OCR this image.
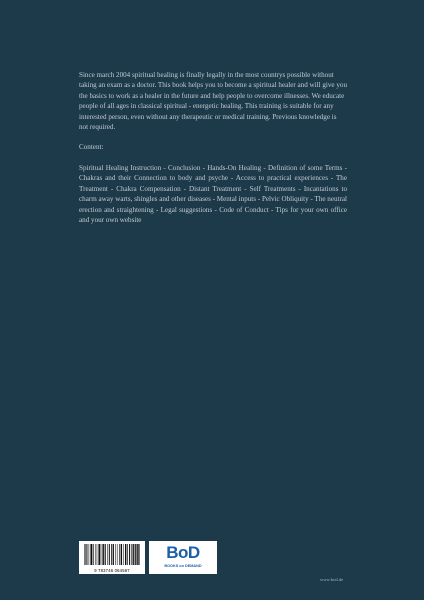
Since march 2004 spiritual healing is finally legally in the most countrys possible without taking an exam as a doctor. This book helps you to become a spiritual healer and will give you the basics to work as a healer in the future and help people to overcome illnesses. We educate people of all ages in classical spiritual - energetic healing. This training is suitable for any interested person, even without any therapeutic or medical training. Previous knowledge is not required.

Content:

Spiritual Healing Instruction - Conclusion - Hands-On Healing - Definition of some Terms - Chakras and their Connection to body and psyche - Access to practical experiences - The Treatment - Chakra Compensation - Distant Treatment - Self Treatments - Incantations to charm away warts, shingles and other diseases - Mental inputs - Pelvic Obliquity - The neutral erection and straightening - Legal suggestions - Code of Conduct - Tips for your own office and your own website

9 783746 064567
BoD
BOOKS on DEMAND
www.bod.de
